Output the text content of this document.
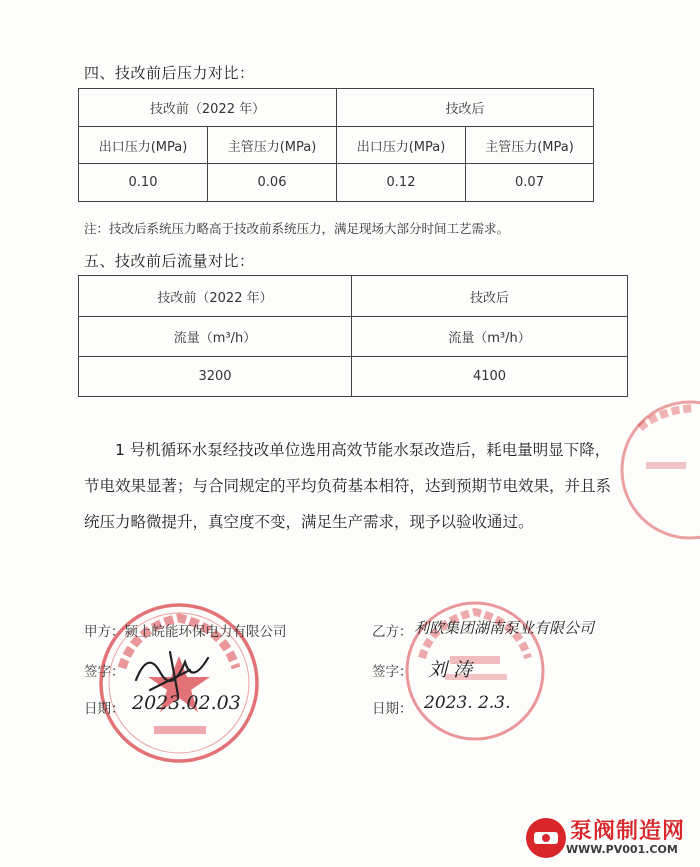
四、技改前后压力对比：
技改前（2022 年）		技改后	
出口压力(MPa)	主管压力(MPa)	出口压力(MPa)	主管压力(MPa)
0.10	0.06	0.12	0.07
注：技改后系统压力略高于技改前系统压力，满足现场大部分时间工艺需求。
五、技改前后流量对比：
技改前（2022 年）	技改后
流量（m³/h）	流量（m³/h）
3200	4100
1 号机循环水泵经技改单位选用高效节能水泵改造后，耗电量明显下降，节电效果显著；与合同规定的平均负荷基本相符，达到预期节电效果，并且系统压力略微提升，真空度不变，满足生产需求，现予以验收通过。
甲方：颍上皖能环保电力有限公司
签字：
日期： 2023.02.03
乙方： 利欧集团湖南泵业有限公司
签字： 刘 涛
日期： 2023. 2.3.
泵阀制造网
WWW.PV001.COM
